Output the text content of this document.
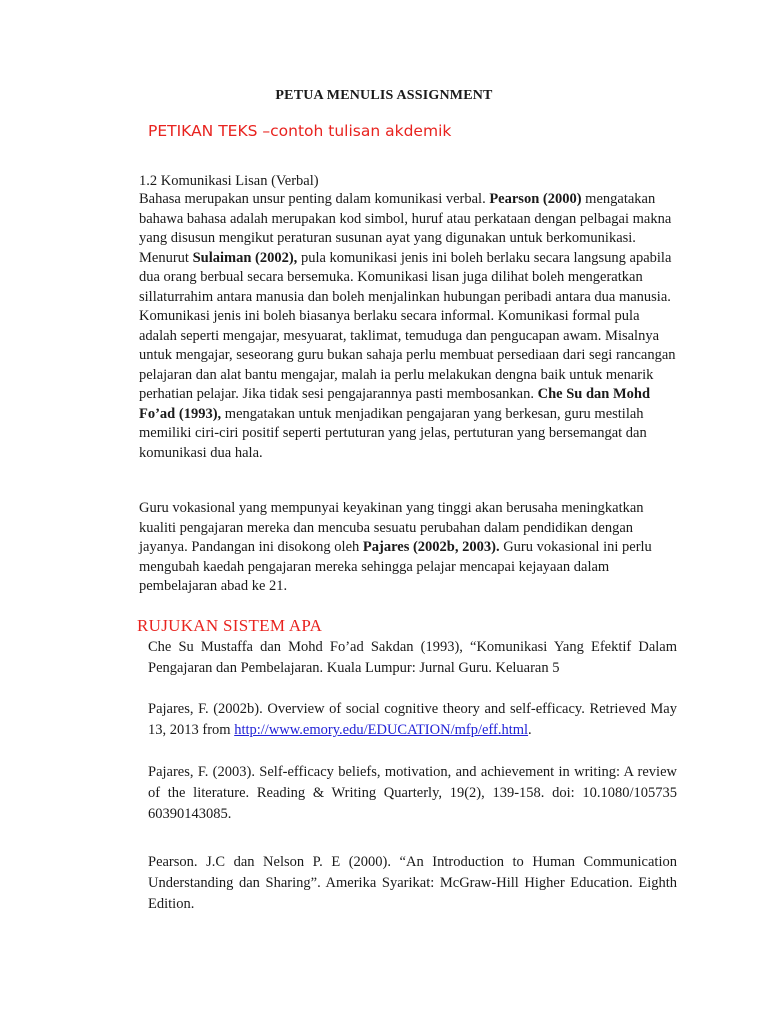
PETUA MENULIS ASSIGNMENT
PETIKAN TEKS –contoh tulisan akdemik
1.2 Komunikasi Lisan (Verbal)

Bahasa merupakan unsur penting dalam komunikasi verbal. Pearson (2000) mengatakan bahawa bahasa adalah merupakan kod simbol, huruf atau perkataan dengan pelbagai makna yang disusun mengikut peraturan susunan ayat yang digunakan untuk berkomunikasi. Menurut Sulaiman (2002), pula komunikasi jenis ini boleh berlaku secara langsung apabila dua orang berbual secara bersemuka. Komunikasi lisan juga dilihat boleh mengeratkan sillaturrahim antara manusia dan boleh menjalinkan hubungan peribadi antara dua manusia. Komunikasi jenis ini boleh biasanya berlaku secara informal. Komunikasi formal pula adalah seperti mengajar, mesyuarat, taklimat, temuduga dan pengucapan awam. Misalnya untuk mengajar, seseorang guru bukan sahaja perlu membuat persediaan dari segi rancangan pelajaran dan alat bantu mengajar, malah ia perlu melakukan dengna baik untuk menarik perhatian pelajar. Jika tidak sesi pengajarannya pasti membosankan. Che Su dan Mohd Fo’ad (1993), mengatakan untuk menjadikan pengajaran yang berkesan, guru mestilah memiliki ciri-ciri positif seperti pertuturan yang jelas, pertuturan yang bersemangat dan komunikasi dua hala.

Guru vokasional yang mempunyai keyakinan yang tinggi akan berusaha meningkatkan kualiti pengajaran mereka dan mencuba sesuatu perubahan dalam pendidikan dengan jayanya. Pandangan ini disokong oleh Pajares (2002b, 2003). Guru vokasional ini perlu mengubah kaedah pengajaran mereka sehingga pelajar mencapai kejayaan dalam pembelajaran abad ke 21.

RUJUKAN SISTEM APA

Che Su Mustaffa dan Mohd Fo’ad Sakdan (1993), “Komunikasi Yang Efektif Dalam Pengajaran dan Pembelajaran. Kuala Lumpur: Jurnal Guru. Keluaran 5

Pajares, F. (2002b). Overview of social cognitive theory and self-efficacy. Retrieved May 13, 2013 from http://www.emory.edu/EDUCATION/mfp/eff.html.

Pajares, F. (2003). Self-efficacy beliefs, motivation, and achievement in writing: A review of the literature. Reading & Writing Quarterly, 19(2), 139-158. doi: 10.1080/105735 60390143085.

Pearson. J.C dan Nelson P. E (2000). “An Introduction to Human Communication Understanding dan Sharing”. Amerika Syarikat: McGraw-Hill Higher Education. Eighth Edition.
